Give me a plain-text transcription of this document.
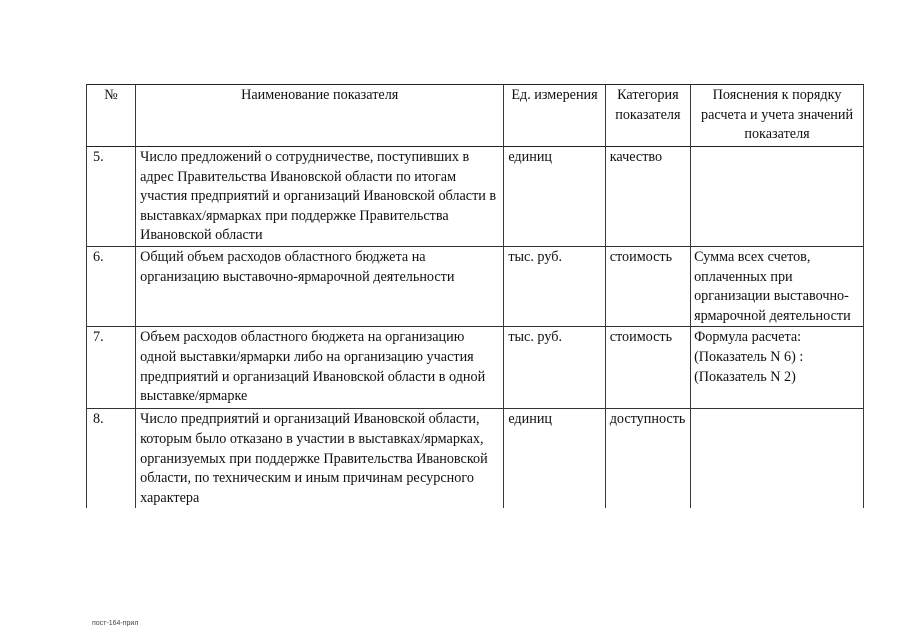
№	Наименование показателя	Ед. измерения	Категория показателя	Пояснения к порядку расчета и учета значений показателя
5.	Число предложений о сотрудничестве, поступивших в адрес Правительства Ивановской области по итогам участия предприятий и организаций Ивановской области в выставках/ярмарках при поддержке Правительства Ивановской области	единиц	качество	
6.	Общий объем расходов областного бюджета на организацию выставочно-ярмарочной деятельности	тыс. руб.	стоимость	Сумма всех счетов, оплаченных при организации выставочно-ярмарочной деятельности
7.	Объем расходов областного бюджета на организацию одной выставки/ярмарки либо на организацию участия предприятий и организаций Ивановской области в одной выставке/ярмарке	тыс. руб.	стоимость	Формула расчета: (Показатель N 6) : (Показатель N 2)
8.	Число предприятий и организаций Ивановской области, которым было отказано в участии в выставках/ярмарках, организуемых при поддержке Правительства Ивановской области, по техническим и иным причинам ресурсного характера	единиц	доступность	
пост-164-прил
